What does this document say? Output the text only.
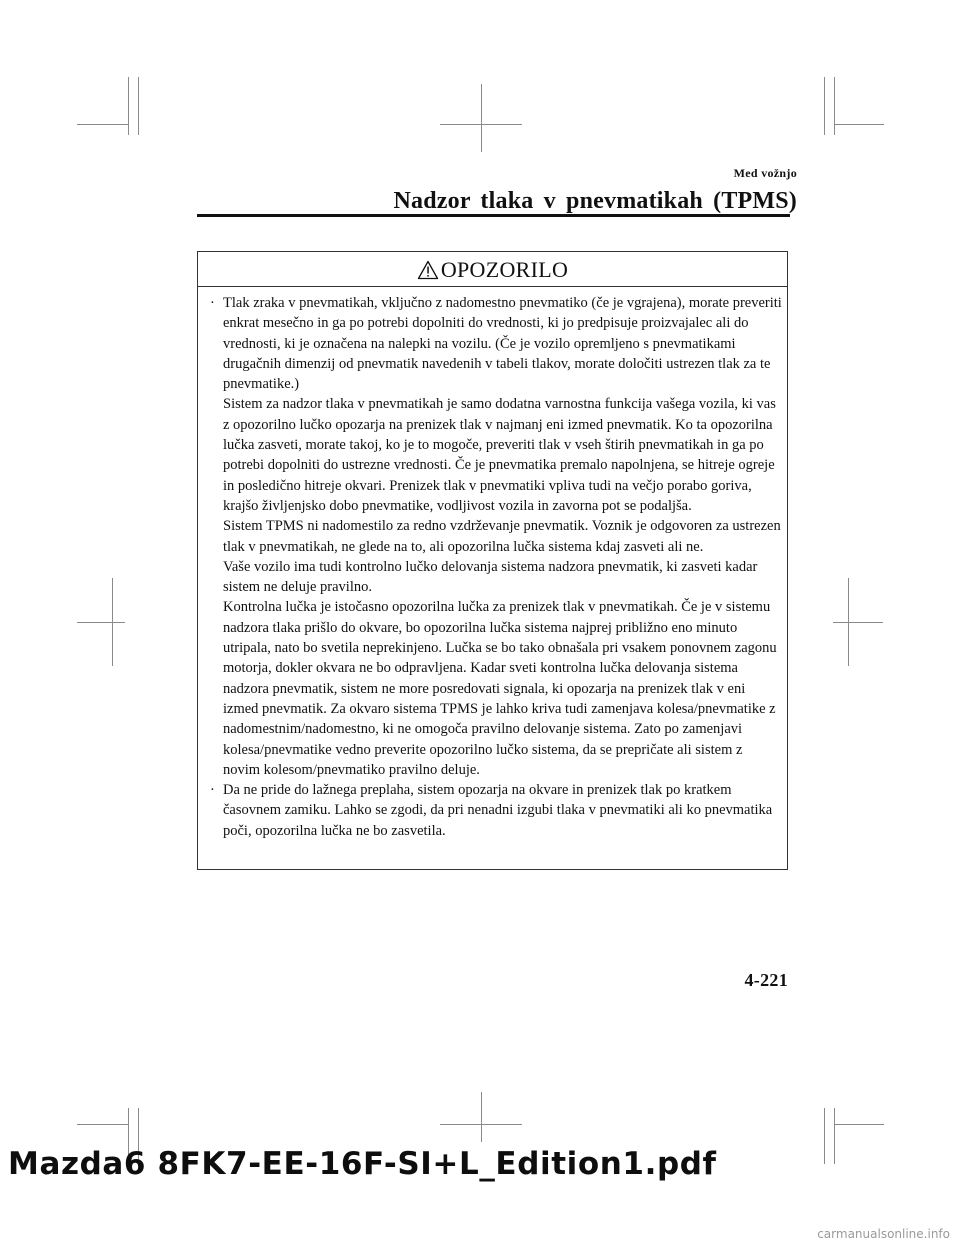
Med vožnjo
Nadzor tlaka v pnevmatikah (TPMS)
OPOZORILO
· Tlak zraka v pnevmatikah, vključno z nadomestno pnevmatiko (če je vgrajena), morate preveriti enkrat mesečno in ga po potrebi dopolniti do vrednosti, ki jo predpisuje proizvajalec ali do vrednosti, ki je označena na nalepki na vozilu. (Če je vozilo opremljeno s pnevmatikami drugačnih dimenzij od pnevmatik navedenih v tabeli tlakov, morate določiti ustrezen tlak za te pnevmatike.)
Sistem za nadzor tlaka v pnevmatikah je samo dodatna varnostna funkcija vašega vozila, ki vas z opozorilno lučko opozarja na prenizek tlak v najmanj eni izmed pnevmatik. Ko ta opozorilna lučka zasveti, morate takoj, ko je to mogoče, preveriti tlak v vseh štirih pnevmatikah in ga po potrebi dopolniti do ustrezne vrednosti. Če je pnevmatika premalo napolnjena, se hitreje ogreje in posledično hitreje okvari. Prenizek tlak v pnevmatiki vpliva tudi na večjo porabo goriva, krajšo življenjsko dobo pnevmatike, vodljivost vozila in zavorna pot se podaljša.
Sistem TPMS ni nadomestilo za redno vzdrževanje pnevmatik. Voznik je odgovoren za ustrezen tlak v pnevmatikah, ne glede na to, ali opozorilna lučka sistema kdaj zasveti ali ne.
Vaše vozilo ima tudi kontrolno lučko delovanja sistema nadzora pnevmatik, ki zasveti kadar sistem ne deluje pravilno.
Kontrolna lučka je istočasno opozorilna lučka za prenizek tlak v pnevmatikah. Če je v sistemu nadzora tlaka prišlo do okvare, bo opozorilna lučka sistema najprej približno eno minuto utripala, nato bo svetila neprekinjeno. Lučka se bo tako obnašala pri vsakem ponovnem zagonu motorja, dokler okvara ne bo odpravljena. Kadar sveti kontrolna lučka delovanja sistema nadzora pnevmatik, sistem ne more posredovati signala, ki opozarja na prenizek tlak v eni izmed pnevmatik. Za okvaro sistema TPMS je lahko kriva tudi zamenjava kolesa/pnevmatike z nadomestnim/nadomestno, ki ne omogoča pravilno delovanje sistema. Zato po zamenjavi kolesa/pnevmatike vedno preverite opozorilno lučko sistema, da se prepričate ali sistem z novim kolesom/pnevmatiko pravilno deluje.
· Da ne pride do lažnega preplaha, sistem opozarja na okvare in prenizek tlak po kratkem časovnem zamiku. Lahko se zgodi, da pri nenadni izgubi tlaka v pnevmatiki ali ko pnevmatika poči, opozorilna lučka ne bo zasvetila.
4-221
Mazda6 8FK7-EE-16F-SI+L_Edition1.pdf
carmanualsonline.info
